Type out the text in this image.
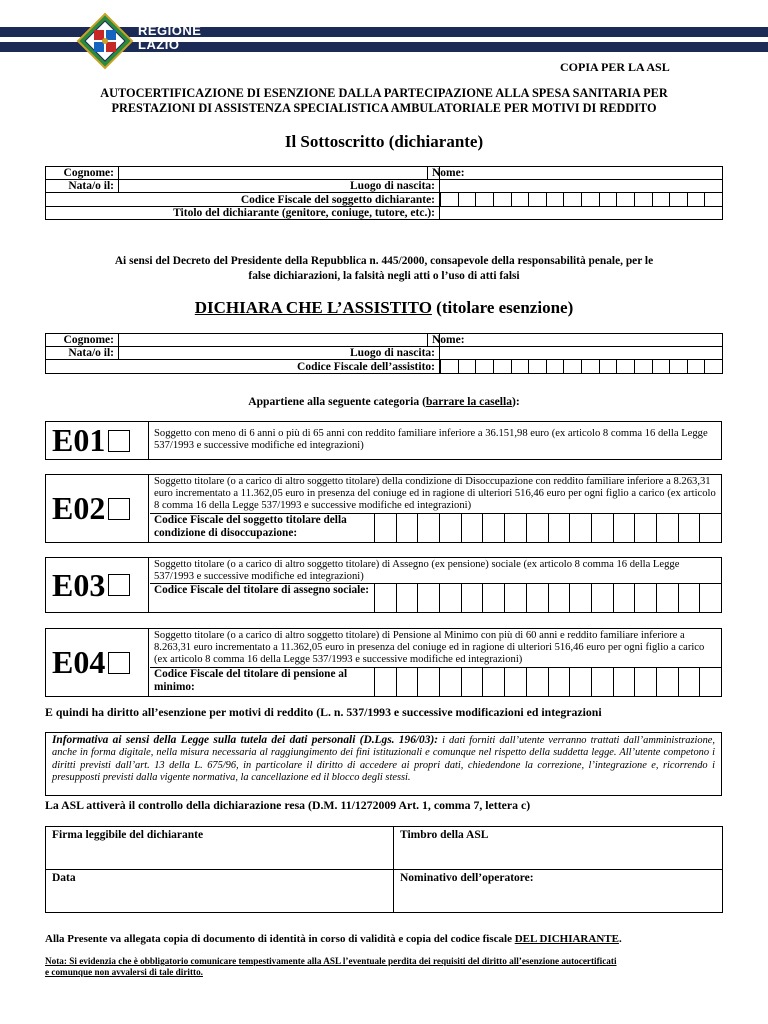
REGIONE
LAZIO
COPIA PER LA ASL
AUTOCERTIFICAZIONE DI ESENZIONE DALLA PARTECIPAZIONE ALLA SPESA SANITARIA PER
PRESTAZIONI DI ASSISTENZA SPECIALISTICA AMBULATORIALE PER MOTIVI DI REDDITO
Il Sottoscritto (dichiarante)
Cognome:		Nome:	
Nata/o il:	Luogo di nascita:		
Codice Fiscale del soggetto dichiarante:			

Titolo del dichiarante (genitore, coniuge, tutore, etc.):			
Ai sensi del Decreto del Presidente della Repubblica n. 445/2000, consapevole della responsabilità penale, per le
false dichiarazioni, la falsità negli atti o l’uso di atti falsi
DICHIARA CHE L’ASSISTITO (titolare esenzione)
Cognome:		Nome:	
Nata/o il:	Luogo di nascita:		
Codice Fiscale dell’assistito:			
Appartiene alla seguente categoria (barrare la casella):
E01	Soggetto con meno di 6 anni o più di 65 anni con reddito familiare inferiore a 36.151,98 euro (ex articolo 8 comma 16 della Legge 537/1993 e successive modifiche ed integrazioni)
E02
Soggetto titolare (o a carico di altro soggetto titolare) della condizione di Disoccupazione con reddito familiare inferiore a 8.263,31 euro incrementato a 11.362,05 euro in presenza del coniuge ed in ragione di ulteriori 516,46 euro per ogni figlio a carico (ex articolo 8 comma 16 della Legge 537/1993 e successive modifiche ed integrazioni)
Codice Fiscale del soggetto titolare della condizione di disoccupazione:
E03
Soggetto titolare (o a carico di altro soggetto titolare) di Assegno (ex pensione) sociale (ex articolo 8 comma 16 della Legge 537/1993 e successive modifiche ed integrazioni)
Codice Fiscale del titolare di assegno sociale:
E04
Soggetto titolare (o a carico di altro soggetto titolare) di Pensione al Minimo con più di 60 anni e reddito familiare inferiore a 8.263,31 euro incrementato a 11.362,05 euro in presenza del coniuge ed in ragione di ulteriori 516,46 euro per ogni figlio a carico (ex articolo 8 comma 16 della Legge 537/1993 e successive modifiche ed integrazioni)
Codice Fiscale del titolare di pensione al minimo:
E quindi ha diritto all’esenzione per motivi di reddito (L. n. 537/1993 e successive modificazioni ed integrazioni
Informativa ai sensi della Legge sulla tutela dei dati personali (D.Lgs. 196/03): i dati forniti dall’utente verranno trattati dall’amministrazione, anche in forma digitale, nella misura necessaria al raggiungimento dei fini istituzionali e comunque nel rispetto della suddetta legge. All’utente competono i diritti previsti dall’art. 13 della L. 675/96, in particolare il diritto di accedere ai propri dati, chiedendone la correzione, l’integrazione e, ricorrendo i presupposti previsti dalla vigente normativa, la cancellazione ed il blocco degli stessi.
La ASL attiverà il controllo della dichiarazione resa (D.M. 11/1272009 Art. 1, comma 7, lettera c)
Firma leggibile del dichiarante	Timbro della ASL
Data	Nominativo dell’operatore:
Alla Presente va allegata copia di documento di identità in corso di validità e copia del codice fiscale DEL DICHIARANTE.
Nota: Si evidenzia che è obbligatorio comunicare tempestivamente alla ASL l’eventuale perdita dei requisiti del diritto all’esenzione autocertificati
e comunque non avvalersi di tale diritto.
